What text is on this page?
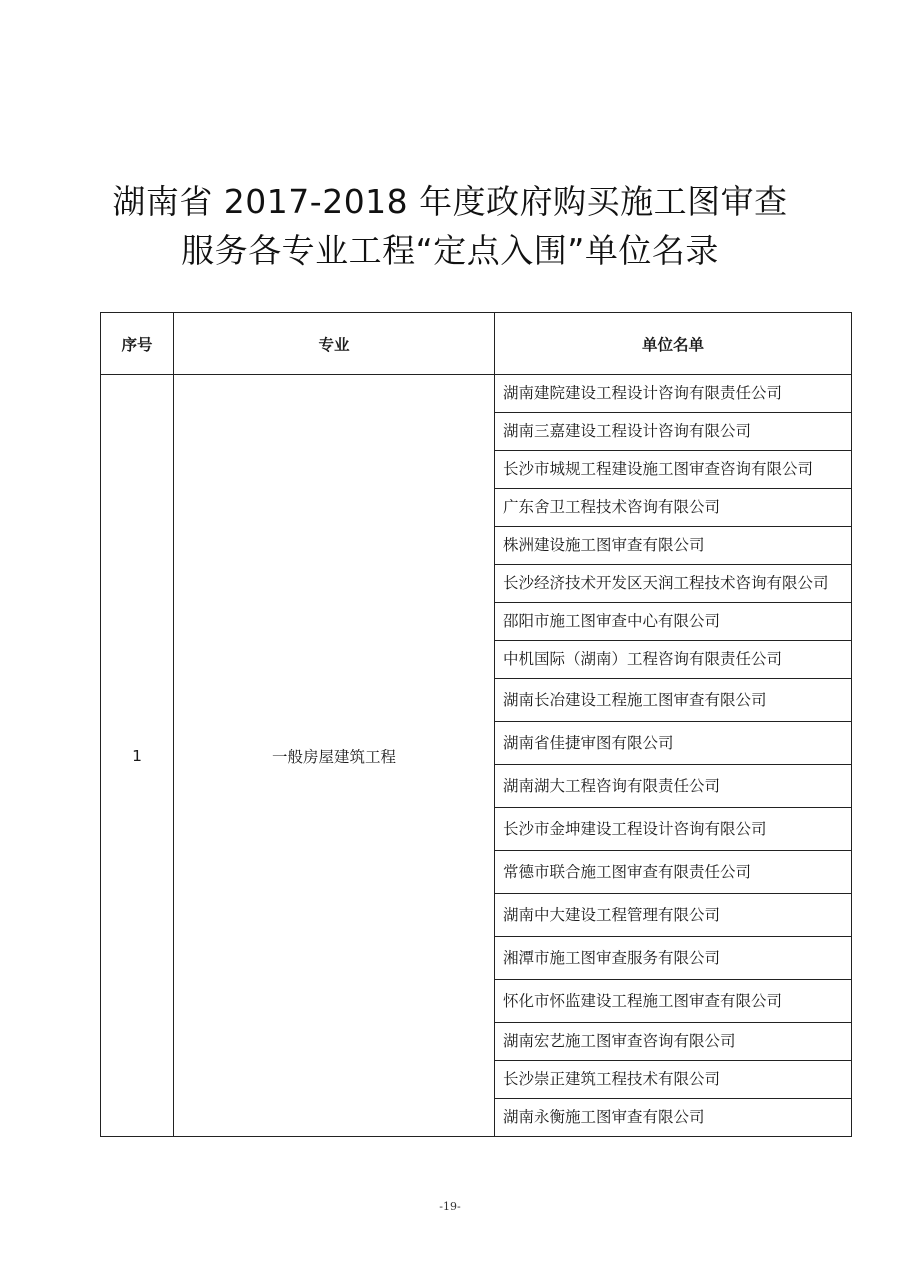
湖南省 2017-2018 年度政府购买施工图审查
服务各专业工程“定点入围”单位名录
序号	专业	单位名单
1	一般房屋建筑工程	湖南建院建设工程设计咨询有限责任公司
		湖南三嘉建设工程设计咨询有限公司
		长沙市城规工程建设施工图审查咨询有限公司
		广东舍卫工程技术咨询有限公司
		株洲建设施工图审查有限公司
		长沙经济技术开发区天润工程技术咨询有限公司
		邵阳市施工图审查中心有限公司
		中机国际（湖南）工程咨询有限责任公司
		湖南长冶建设工程施工图审查有限公司
		湖南省佳捷审图有限公司
		湖南湖大工程咨询有限责任公司
		长沙市金坤建设工程设计咨询有限公司
		常德市联合施工图审查有限责任公司
		湖南中大建设工程管理有限公司
		湘潭市施工图审查服务有限公司
		怀化市怀监建设工程施工图审查有限公司
		湖南宏艺施工图审查咨询有限公司
		长沙崇正建筑工程技术有限公司
		湖南永衡施工图审查有限公司
-19-
